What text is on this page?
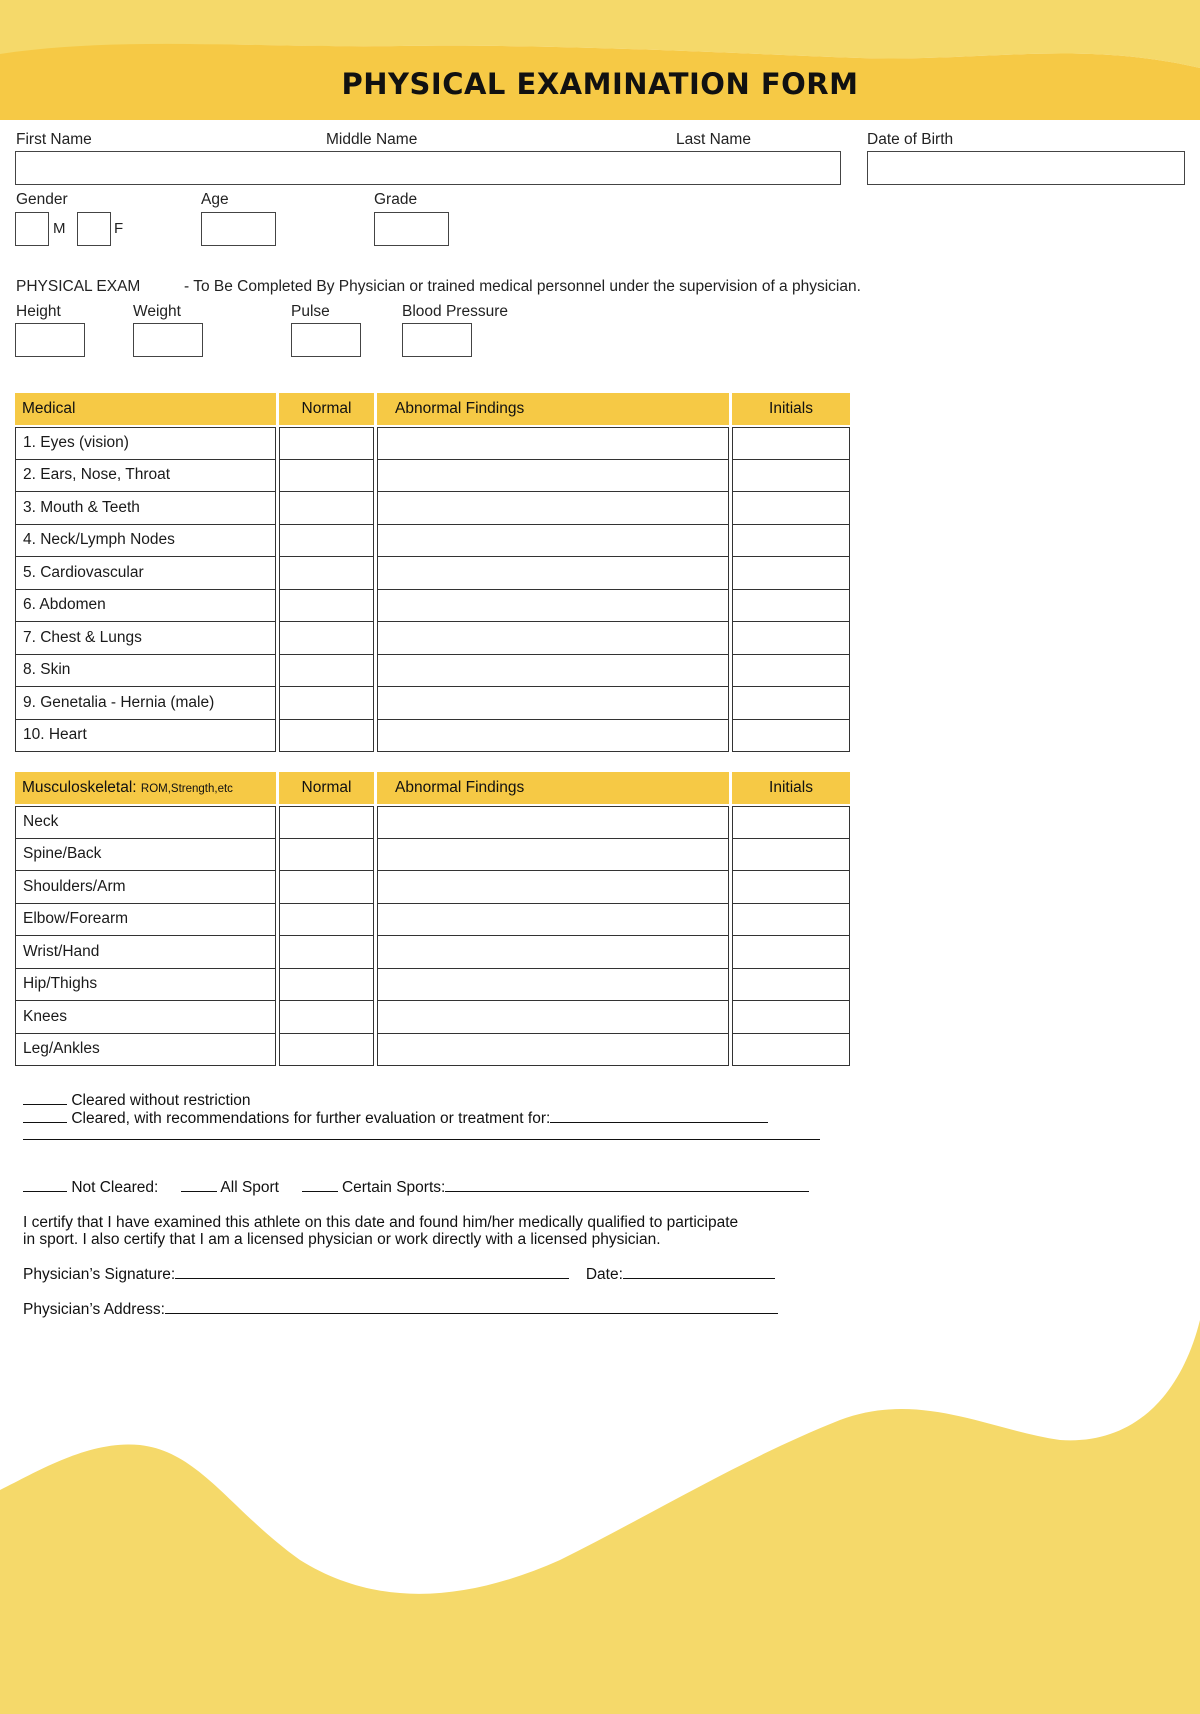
PHYSICAL EXAMINATION FORM
First Name	Middle Name	Last Name	Date of Birth
Gender	Age	Grade
M	F
PHYSICAL EXAM	- To Be Completed By Physician or trained medical personnel under the supervision of a physician.
Height	Weight	Pulse	Blood Pressure
Medical	Normal	Abnormal Findings	Initials
1. Eyes (vision)			
2. Ears, Nose, Throat			
3. Mouth & Teeth			
4. Neck/Lymph Nodes			
5. Cardiovascular			
6. Abdomen			
7. Chest & Lungs			
8. Skin			
9. Genetalia - Hernia (male)			
10. Heart			
Musculoskeletal: ROM,Strength,etc	Normal	Abnormal Findings	Initials
Neck			
Spine/Back			
Shoulders/Arm			
Elbow/Forearm			
Wrist/Hand			
Hip/Thighs			
Knees			
Leg/Ankles			
Cleared without restriction
Cleared, with recommendations for further evaluation or treatment for:
Not Cleared:	All Sport	Certain Sports:
I certify that I have examined this athlete on this date and found him/her medically qualified to participate
in sport. I also certify that I am a licensed physician or work directly with a licensed physician.
Physician’s Signature:	Date:
Physician’s Address:
